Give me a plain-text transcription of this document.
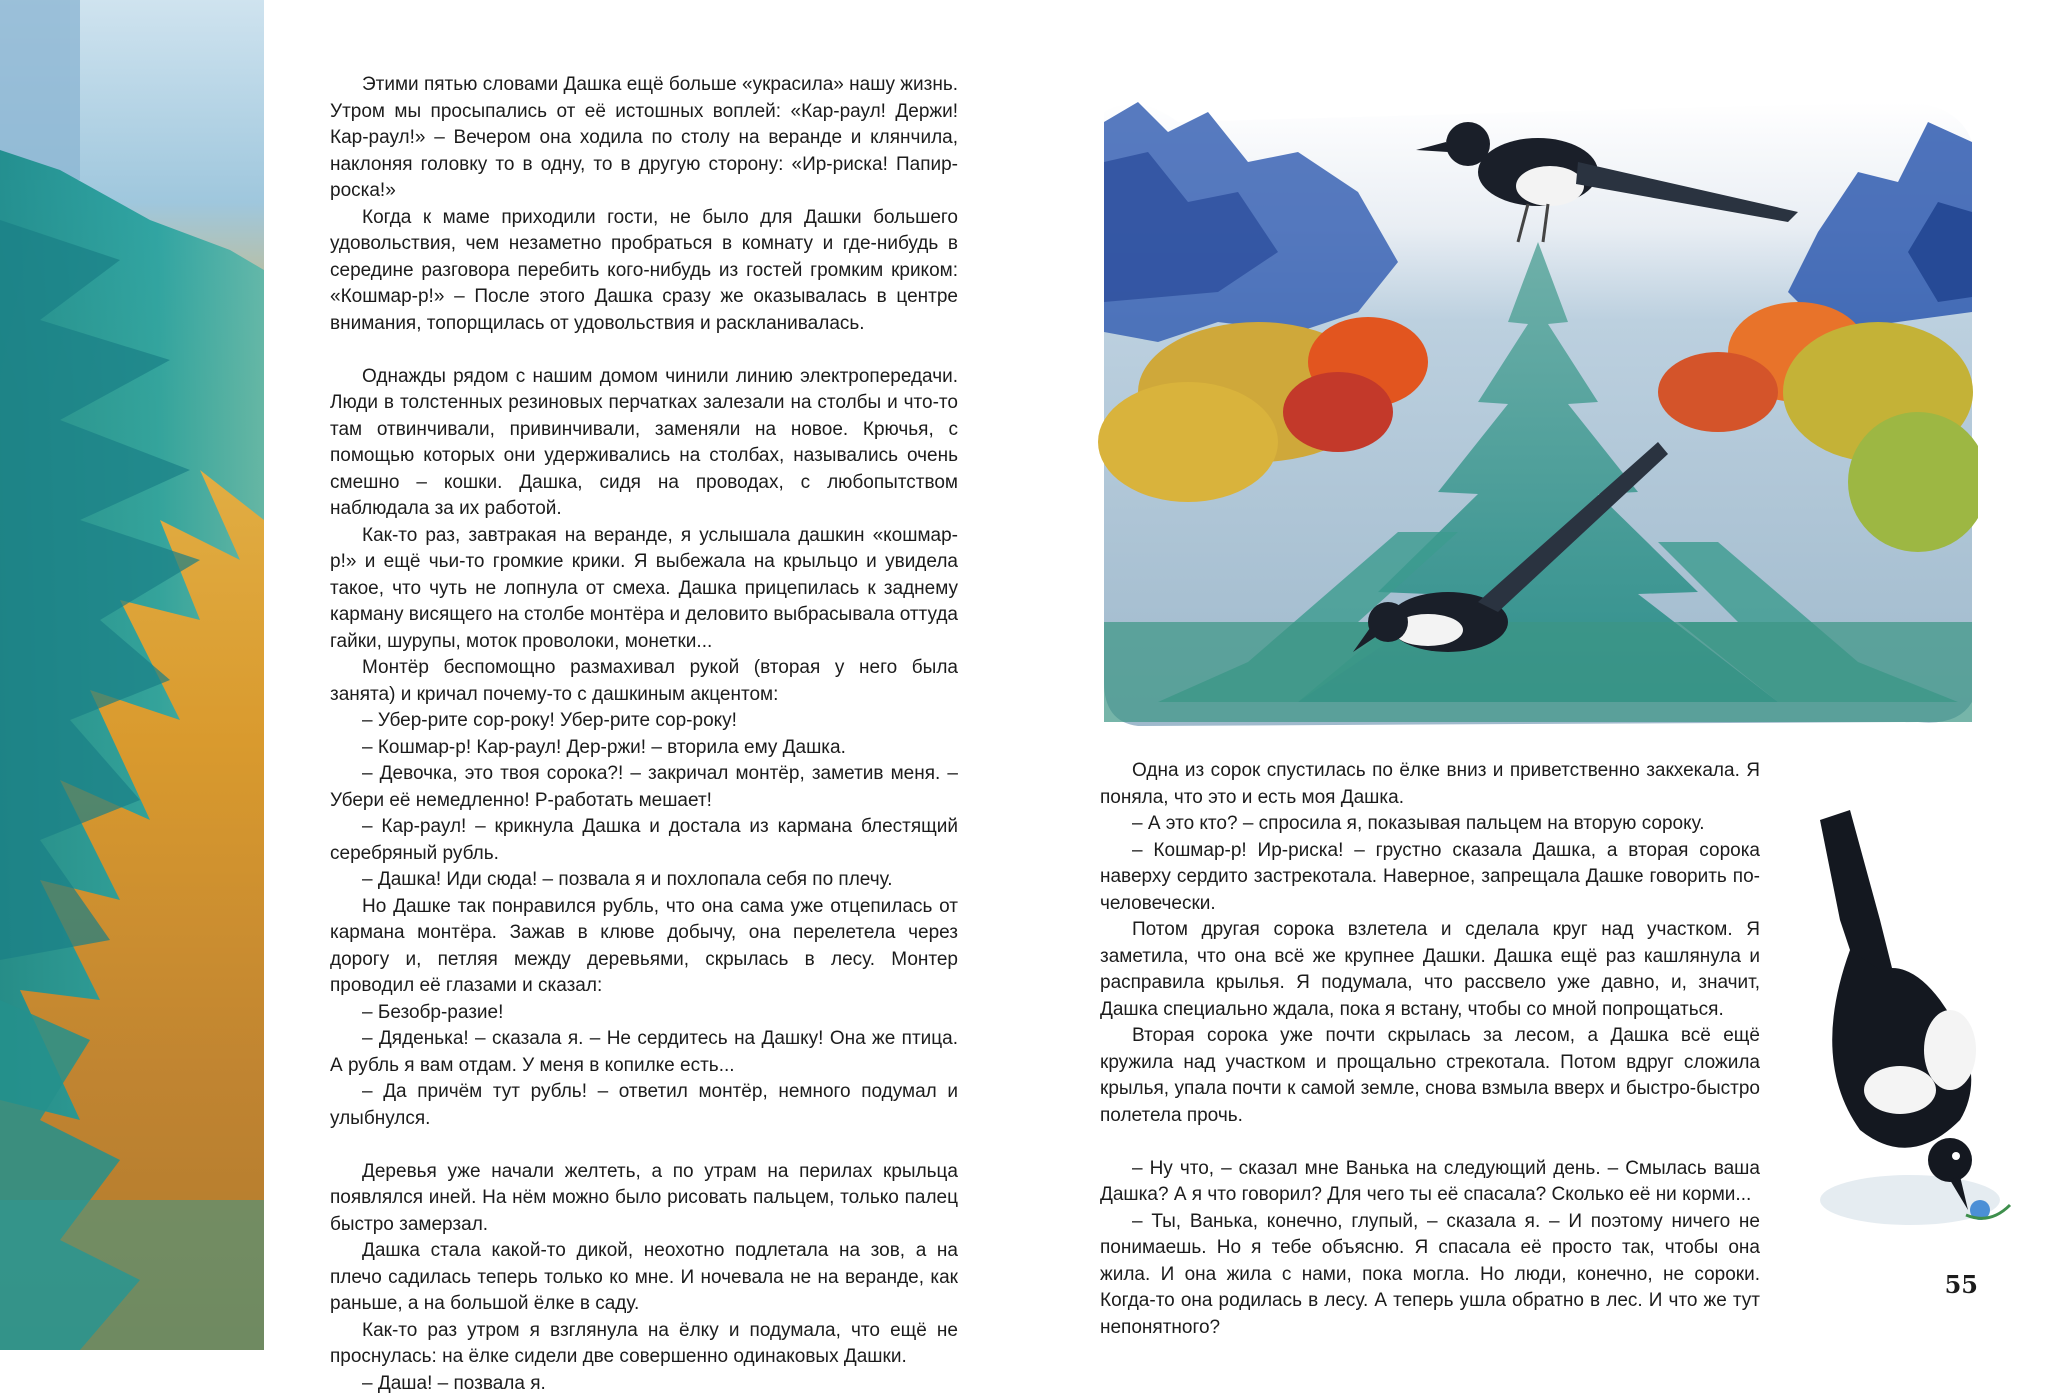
Этими пятью словами Дашка ещё больше «украсила» нашу жизнь. Утром мы просыпались от её истошных воплей: «Кар-раул! Держи! Кар-раул!» – Вечером она ходила по столу на веранде и клянчила, наклоняя головку то в одну, то в другую сторону: «Ир-риска! Папир-роска!»

Когда к маме приходили гости, не было для Дашки большего удовольствия, чем незаметно пробраться в комнату и где-нибудь в середине разговора перебить кого-нибудь из гостей громким криком: «Кошмар-р!» – После этого Дашка сразу же оказывалась в центре внимания, топорщилась от удовольствия и раскланивалась.

Однажды рядом с нашим домом чинили линию электропередачи. Люди в толстенных резиновых перчатках залезали на столбы и что-то там отвинчивали, привинчивали, заменяли на новое. Крючья, с помощью которых они удерживались на столбах, назывались очень смешно – кошки. Дашка, сидя на проводах, с любопытством наблюдала за их работой.

Как-то раз, завтракая на веранде, я услышала дашкин «кошмар-р!» и ещё чьи-то громкие крики. Я выбежала на крыльцо и увидела такое, что чуть не лопнула от смеха. Дашка прицепилась к заднему карману висящего на столбе монтёра и деловито выбрасывала оттуда гайки, шурупы, моток проволоки, монетки...

Монтёр беспомощно размахивал рукой (вторая у него была занята) и кричал почему-то с дашкиным акцентом:

– Убер-рите сор-року! Убер-рите сор-року!

– Кошмар-р! Кар-раул! Дер-ржи! – вторила ему Дашка.

– Девочка, это твоя сорока?! – закричал монтёр, заметив меня. – Убери её немедленно! Р-работать мешает!

– Кар-раул! – крикнула Дашка и достала из кармана блестящий серебряный рубль.

– Дашка! Иди сюда! – позвала я и похлопала себя по плечу.

Но Дашке так понравился рубль, что она сама уже отцепилась от кармана монтёра. Зажав в клюве добычу, она перелетела через дорогу и, петляя между деревьями, скрылась в лесу. Монтер проводил её глазами и сказал:

– Безобр-разие!

– Дяденька! – сказала я. – Не сердитесь на Дашку! Она же птица. А рубль я вам отдам. У меня в копилке есть...

– Да причём тут рубль! – ответил монтёр, немного подумал и улыбнулся.

Деревья уже начали желтеть, а по утрам на перилах крыльца появлялся иней. На нём можно было рисовать пальцем, только палец быстро замерзал.

Дашка стала какой-то дикой, неохотно подлетала на зов, а на плечо садилась теперь только ко мне. И ночевала не на веранде, как раньше, а на большой ёлке в саду.

Как-то раз утром я взглянула на ёлку и подумала, что ещё не проснулась: на ёлке сидели две совершенно одинаковых Дашки.

– Даша! – позвала я.

Одна из сорок спустилась по ёлке вниз и приветственно закхекала. Я поняла, что это и есть моя Дашка.

– А это кто? – спросила я, показывая пальцем на вторую сороку.

– Кошмар-р! Ир-риска! – грустно сказала Дашка, а вторая сорока наверху сердито застрекотала. Наверное, запрещала Дашке говорить по-человечески.

Потом другая сорока взлетела и сделала круг над участком. Я заметила, что она всё же крупнее Дашки. Дашка ещё раз кашлянула и расправила крылья. Я подумала, что рассвело уже давно, и, значит, Дашка специально ждала, пока я встану, чтобы со мной попрощаться.

Вторая сорока уже почти скрылась за лесом, а Дашка всё ещё кружила над участком и прощально стрекотала. Потом вдруг сложила крылья, упала почти к самой земле, снова взмыла вверх и быстро-быстро полетела прочь.

– Ну что, – сказал мне Ванька на следующий день. – Смылась ваша Дашка? А я что говорил? Для чего ты её спасала? Сколько её ни корми...

– Ты, Ванька, конечно, глупый, – сказала я. – И поэтому ничего не понимаешь. Но я тебе объясню. Я спасала её просто так, чтобы она жила. И она жила с нами, пока могла. Но люди, конечно, не сороки. Когда-то она родилась в лесу. А теперь ушла обратно в лес. И что же тут непонятного?

55
